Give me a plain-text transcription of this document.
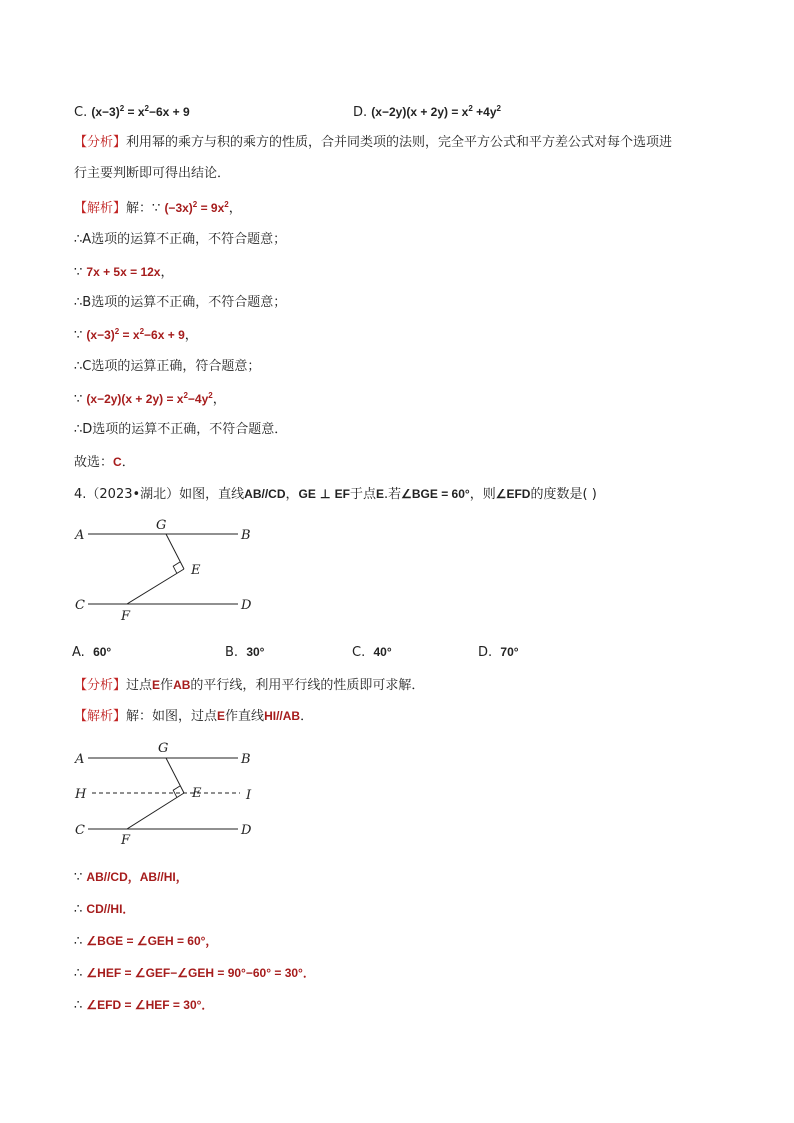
C. $(x-3)^2 = x^2-6x + 9$	D. $(x-2y)(x + 2y) = x^2 +4y^2$
【分析】利用幂的乘方与积的乘方的性质，合并同类项的法则，完全平方公式和平方差公式对每个选项进
行主要判断即可得出结论．
【解析】解：∵ $(-3x)^2 = 9x^2$，
∴A选项的运算不正确，不符合题意；
∵ 7x + 5x = 12x，
∴B选项的运算不正确，不符合题意；
∵ $(x-3)^2 = x^2-6x + 9$，
∴C选项的运算正确，符合题意；
∵ $(x-2y)(x + 2y) = x^2-4y^2$，
∴D选项的运算不正确，不符合题意．
故选：C．
4.（2023•湖北）如图，直线AB//CD，GE ⊥ EF于点E.若∠BGE = 60°，则∠EFD的度数是( )
A
G
B
E
C
F
D
A. 60°	B. 30°	C. 40°	D. 70°
【分析】过点E作AB的平行线，利用平行线的性质即可求解．
【解析】解：如图，过点E作直线HI//AB．
A
G
B
H	E	I
C
F
D
∵ AB//CD，AB//HI，
∴ CD//HI．
∴ ∠BGE = ∠GEH = 60°，
∴ ∠HEF = ∠GEF−∠GEH = 90°−60° = 30°．
∴ ∠EFD = ∠HEF = 30°．
